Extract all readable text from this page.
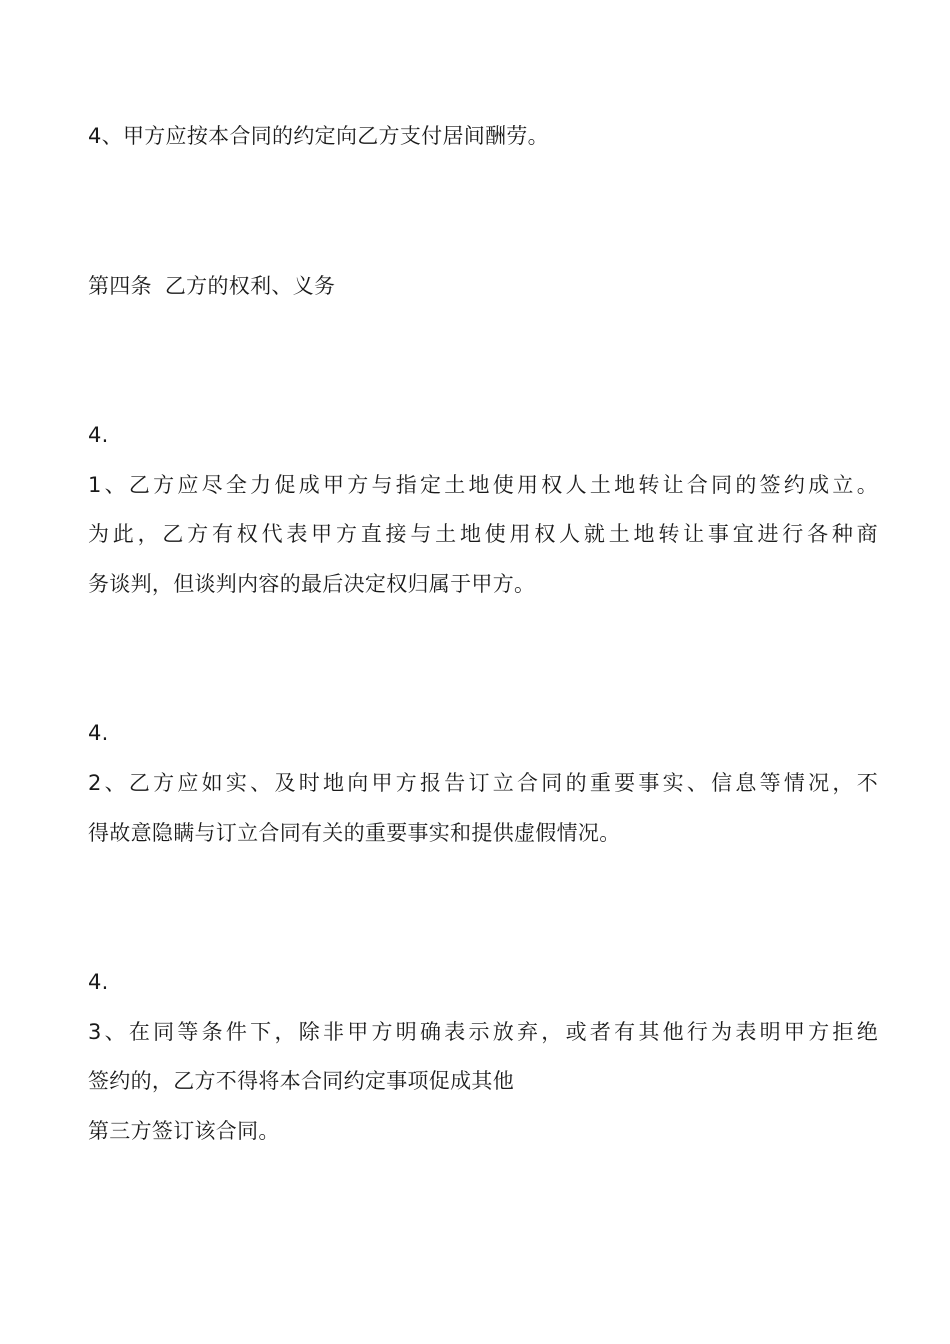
4、甲方应按本合同的约定向乙方支付居间酬劳。
第四条 乙方的权利、义务
4.
1、乙方应尽全力促成甲方与指定土地使用权人土地转让合同的签约成立。
为此，乙方有权代表甲方直接与土地使用权人就土地转让事宜进行各种商
务谈判，但谈判内容的最后决定权归属于甲方。
4.
2、乙方应如实、及时地向甲方报告订立合同的重要事实、信息等情况，不
得故意隐瞒与订立合同有关的重要事实和提供虚假情况。
4.
3、在同等条件下，除非甲方明确表示放弃，或者有其他行为表明甲方拒绝
签约的，乙方不得将本合同约定事项促成其他
第三方签订该合同。
